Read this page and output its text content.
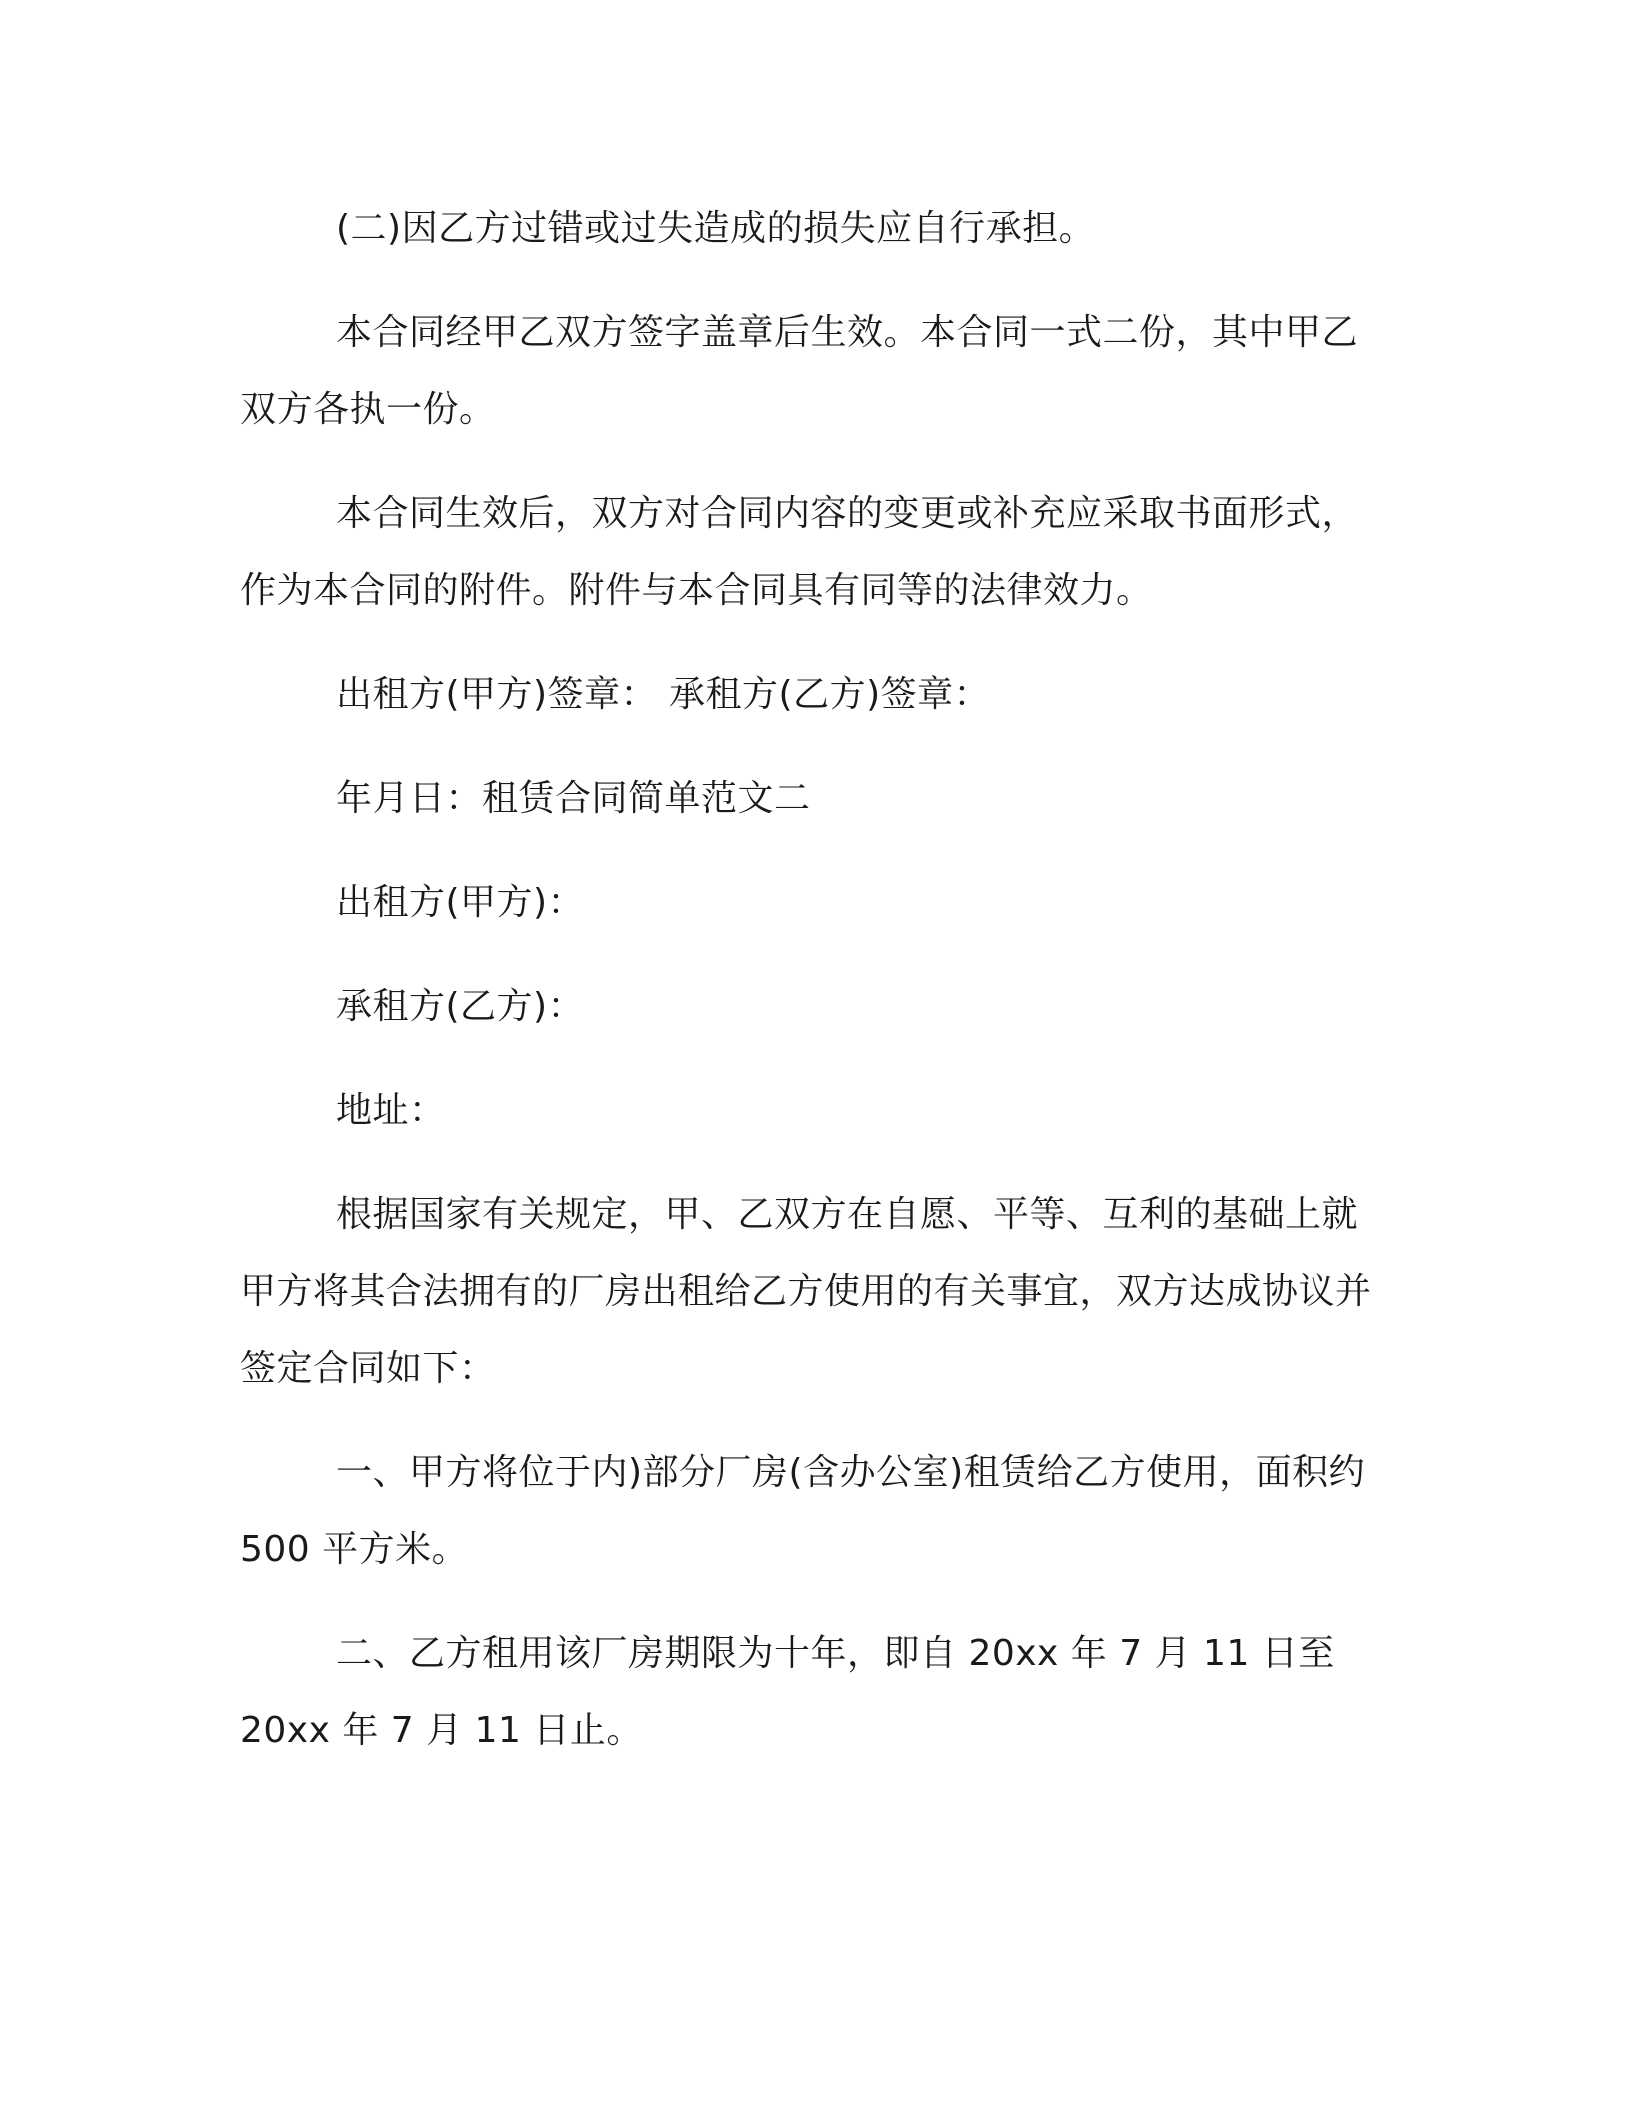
(二)因乙方过错或过失造成的损失应自行承担。

本合同经甲乙双方签字盖章后生效。本合同一式二份，其中甲乙双方各执一份。

本合同生效后，双方对合同内容的变更或补充应采取书面形式，作为本合同的附件。附件与本合同具有同等的法律效力。

出租方(甲方)签章： 承租方(乙方)签章：

年月日：租赁合同简单范文二

出租方(甲方)：

承租方(乙方)：

地址：

根据国家有关规定，甲、乙双方在自愿、平等、互利的基础上就甲方将其合法拥有的厂房出租给乙方使用的有关事宜，双方达成协议并签定合同如下：

一、甲方将位于内)部分厂房(含办公室)租赁给乙方使用，面积约 500 平方米。

二、乙方租用该厂房期限为十年，即自 20xx 年 7 月 11 日至 20xx 年 7 月 11 日止。
